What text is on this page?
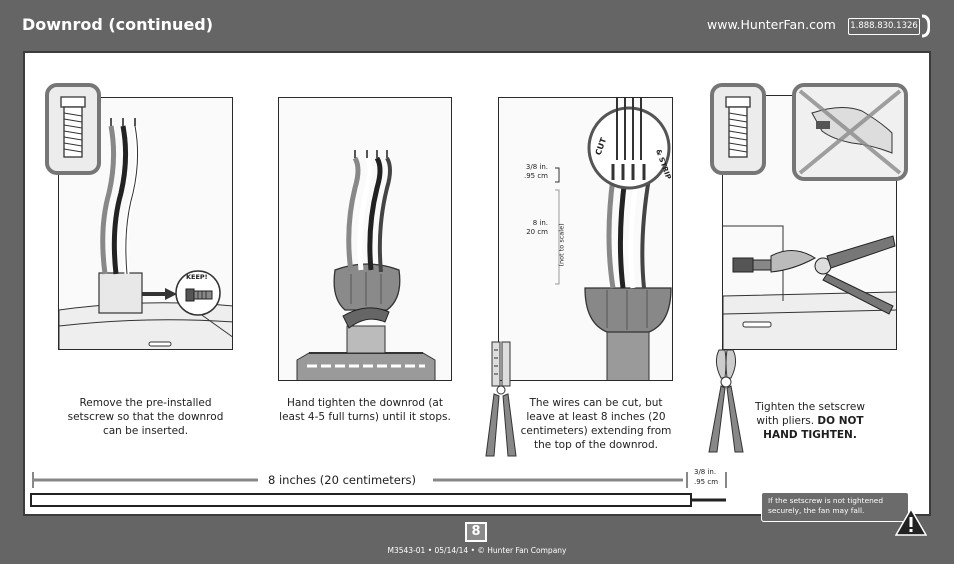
Downrod (continued)	www.HunterFan.com 1.888.830.1326
KEEP!
Remove the pre-installed
setscrew so that the downrod
can be inserted.
Hand tighten the downrod (at
least 4-5 full turns) until it stops.
CUT
& STRIP
3/8 in.
.95 cm
8 in.
20 cm (not to scale)
The wires can be cut, but
leave at least 8 inches (20
centimeters) extending from
the top of the downrod.
Tighten the setscrew
with pliers. DO NOT
HAND TIGHTEN.
8 inches (20 centimeters)
3/8 in.
.95 cm
If the setscrew is not tightened securely, the fan may fall.
8
M3543-01 • 05/14/14 • © Hunter Fan Company
